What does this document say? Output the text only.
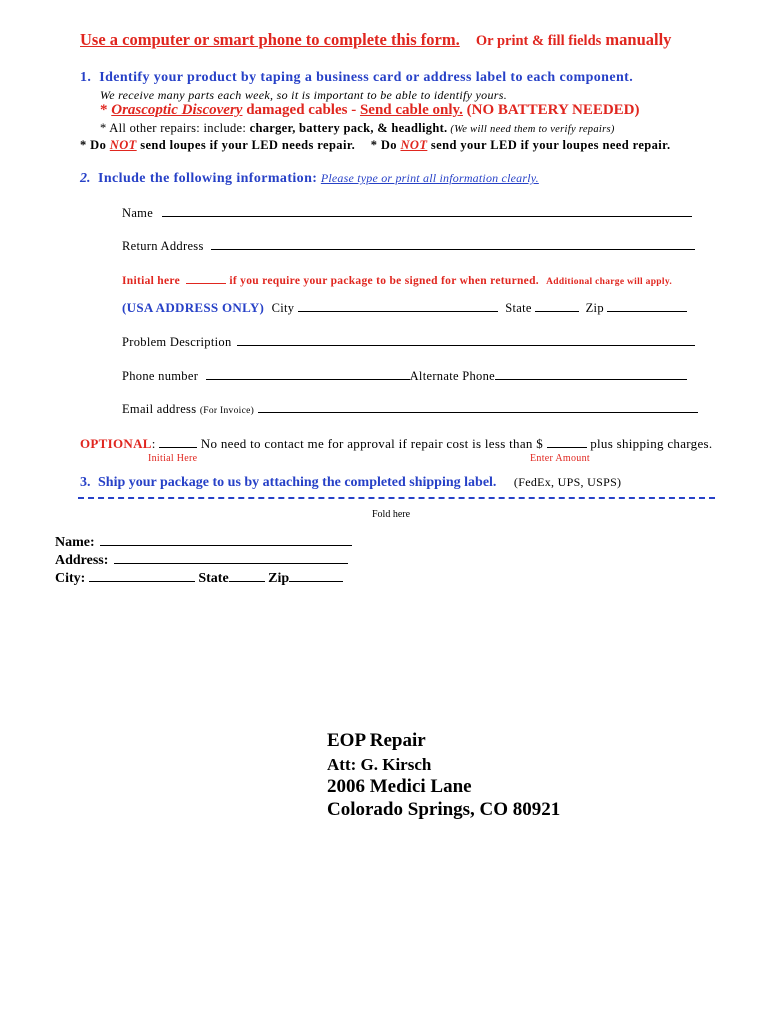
Use a computer or smart phone to complete this form. Or print & fill fields manually
1. Identify your product by taping a business card or address label to each component.
We receive many parts each week, so it is important to be able to identify yours.
* Orascoptic Discovery damaged cables - Send cable only. (NO BATTERY NEEDED)
* All other repairs: include: charger, battery pack, & headlight. (We will need them to verify repairs)
* Do NOT send loupes if your LED needs repair. * Do NOT send your LED if your loupes need repair.
2. Include the following information: Please type or print all information clearly.
Name
Return Address
Initial here	if you require your package to be signed for when returned. Additional charge will apply.
(USA ADDRESS ONLY) City	State	Zip
Problem Description
Phone number	Alternate Phone
Email address (For Invoice)
OPTIONAL:	No need to contact me for approval if repair cost is less than $	plus shipping charges.
Initial Here	Enter Amount
3. Ship your package to us by attaching the completed shipping label. (FedEx, UPS, USPS)
Fold here
Name:
Address:
City:	State	Zip
EOP Repair
Att: G. Kirsch
2006 Medici Lane
Colorado Springs, CO 80921
